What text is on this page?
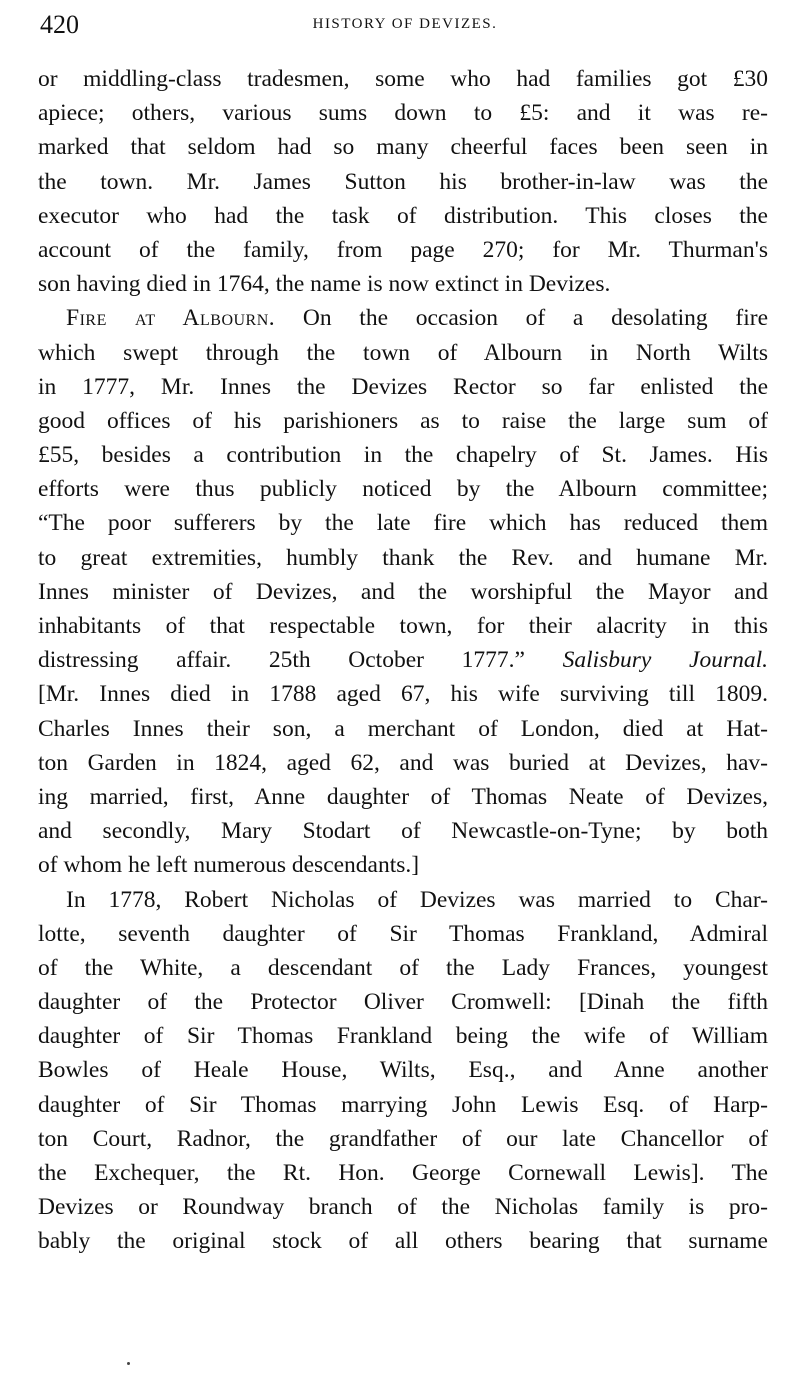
420	HISTORY OF DEVIZES.
or middling-class tradesmen, some who had families got £30
apiece; others, various sums down to £5: and it was re-
marked that seldom had so many cheerful faces been seen in
the town. Mr. James Sutton his brother-in-law was the
executor who had the task of distribution. This closes the
account of the family, from page 270; for Mr. Thurman's
son having died in 1764, the name is now extinct in Devizes.
Fire at Albourn. On the occasion of a desolating fire
which swept through the town of Albourn in North Wilts
in 1777, Mr. Innes the Devizes Rector so far enlisted the
good offices of his parishioners as to raise the large sum of
£55, besides a contribution in the chapelry of St. James. His
efforts were thus publicly noticed by the Albourn committee;
“The poor sufferers by the late fire which has reduced them
to great extremities, humbly thank the Rev. and humane Mr.
Innes minister of Devizes, and the worshipful the Mayor and
inhabitants of that respectable town, for their alacrity in this
distressing affair. 25th October 1777.” Salisbury Journal.
[Mr. Innes died in 1788 aged 67, his wife surviving till 1809.
Charles Innes their son, a merchant of London, died at Hat-
ton Garden in 1824, aged 62, and was buried at Devizes, hav-
ing married, first, Anne daughter of Thomas Neate of Devizes,
and secondly, Mary Stodart of Newcastle-on-Tyne; by both
of whom he left numerous descendants.]
In 1778, Robert Nicholas of Devizes was married to Char-
lotte, seventh daughter of Sir Thomas Frankland, Admiral
of the White, a descendant of the Lady Frances, youngest
daughter of the Protector Oliver Cromwell: [Dinah the fifth
daughter of Sir Thomas Frankland being the wife of William
Bowles of Heale House, Wilts, Esq., and Anne another
daughter of Sir Thomas marrying John Lewis Esq. of Harp-
ton Court, Radnor, the grandfather of our late Chancellor of
the Exchequer, the Rt. Hon. George Cornewall Lewis]. The
Devizes or Roundway branch of the Nicholas family is pro-
bably the original stock of all others bearing that surname
